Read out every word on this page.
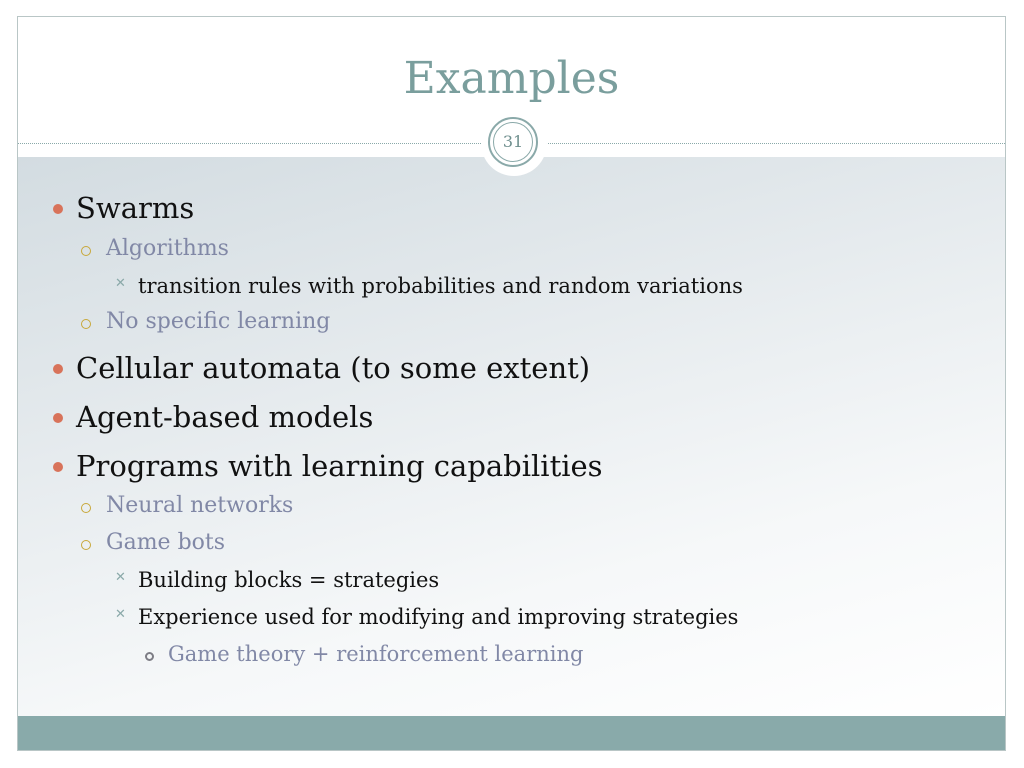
Examples
Swarms
Algorithms
✕ transition rules with probabilities and random variations
No specific learning
Cellular automata (to some extent)
Agent-based models
Programs with learning capabilities
Neural networks
Game bots
✕ Building blocks = strategies
✕ Experience used for modifying and improving strategies
Game theory + reinforcement learning
31
